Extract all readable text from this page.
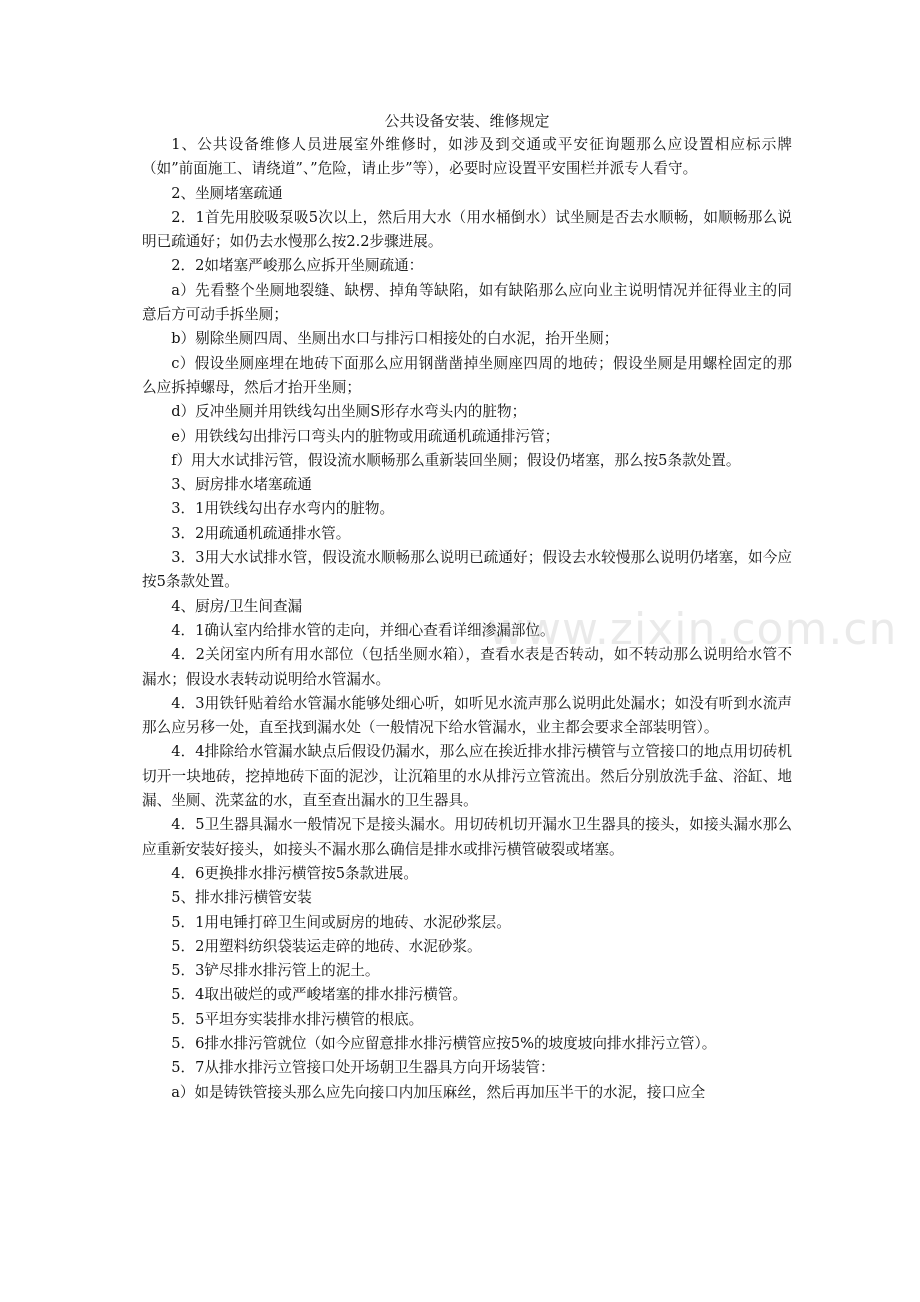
公共设备安装、维修规定

1、公共设备维修人员进展室外维修时，如涉及到交通或平安征询题那么应设置相应标示牌（如”前面施工、请绕道”、”危险，请止步”等），必要时应设置平安围栏并派专人看守。

2、坐厕堵塞疏通

2．1首先用胶吸泵吸5次以上，然后用大水（用水桶倒水）试坐厕是否去水顺畅，如顺畅那么说明已疏通好；如仍去水慢那么按2.2步骤进展。

2．2如堵塞严峻那么应拆开坐厕疏通：

a）先看整个坐厕地裂缝、缺楞、掉角等缺陷，如有缺陷那么应向业主说明情况并征得业主的同意后方可动手拆坐厕；

b）剔除坐厕四周、坐厕出水口与排污口相接处的白水泥，抬开坐厕；

c）假设坐厕座埋在地砖下面那么应用钢凿凿掉坐厕座四周的地砖；假设坐厕是用螺栓固定的那么应拆掉螺母，然后才抬开坐厕；

d）反冲坐厕并用铁线勾出坐厕S形存水弯头内的脏物；

e）用铁线勾出排污口弯头内的脏物或用疏通机疏通排污管；

f）用大水试排污管，假设流水顺畅那么重新装回坐厕；假设仍堵塞，那么按5条款处置。

3、厨房排水堵塞疏通

3．1用铁线勾出存水弯内的脏物。

3．2用疏通机疏通排水管。

3．3用大水试排水管，假设流水顺畅那么说明已疏通好；假设去水较慢那么说明仍堵塞，如今应按5条款处置。

4、厨房/卫生间查漏

4．1确认室内给排水管的走向，并细心查看详细渗漏部位。

4．2关闭室内所有用水部位（包括坐厕水箱），查看水表是否转动，如不转动那么说明给水管不漏水；假设水表转动说明给水管漏水。

4．3用铁钎贴着给水管漏水能够处细心听，如听见水流声那么说明此处漏水；如没有听到水流声那么应另移一处，直至找到漏水处（一般情况下给水管漏水，业主都会要求全部装明管）。

4．4排除给水管漏水缺点后假设仍漏水，那么应在挨近排水排污横管与立管接口的地点用切砖机切开一块地砖，挖掉地砖下面的泥沙，让沉箱里的水从排污立管流出。然后分别放洗手盆、浴缸、地漏、坐厕、洗菜盆的水，直至查出漏水的卫生器具。

4．5卫生器具漏水一般情况下是接头漏水。用切砖机切开漏水卫生器具的接头，如接头漏水那么应重新安装好接头，如接头不漏水那么确信是排水或排污横管破裂或堵塞。

4．6更换排水排污横管按5条款进展。

5、排水排污横管安装

5．1用电锤打碎卫生间或厨房的地砖、水泥砂浆层。

5．2用塑料纺织袋装运走碎的地砖、水泥砂浆。

5．3铲尽排水排污管上的泥土。

5．4取出破烂的或严峻堵塞的排水排污横管。

5．5平坦夯实装排水排污横管的根底。

5．6排水排污管就位（如今应留意排水排污横管应按5%的坡度坡向排水排污立管）。

5．7从排水排污立管接口处开场朝卫生器具方向开场装管：

a）如是铸铁管接头那么应先向接口内加压麻丝，然后再加压半干的水泥，接口应全

www.zixin.com.cn
